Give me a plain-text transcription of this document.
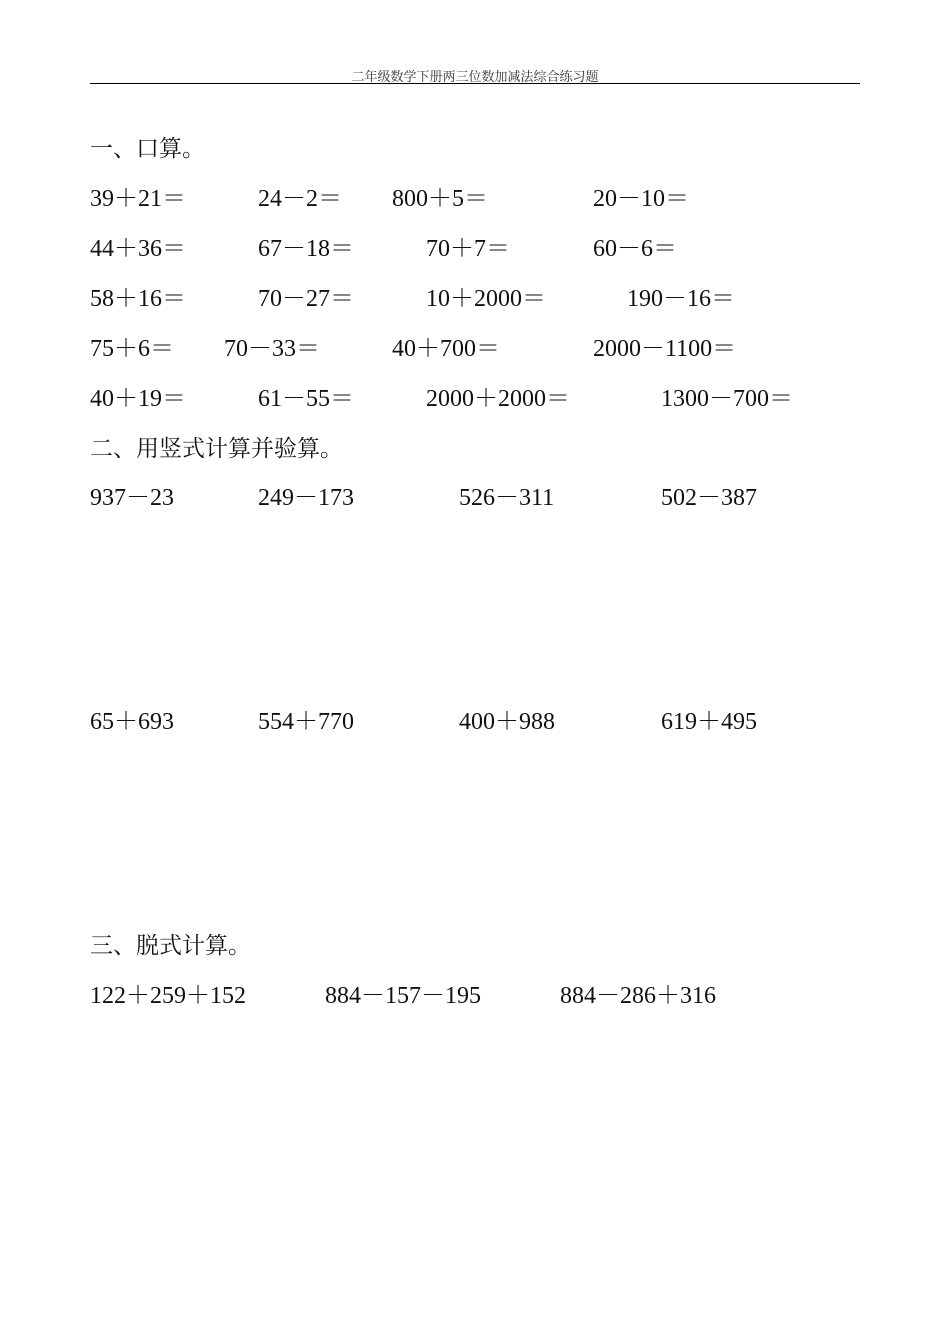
二年级数学下册两三位数加减法综合练习题
一、口算。
39＋21＝	24－2＝ 800＋5＝	20－10＝
44＋36＝	67－18＝	70＋7＝	60－6＝
58＋16＝	70－27＝	10＋2000＝	190－16＝
75＋6＝ 70－33＝	40＋700＝	2000－1100＝
40＋19＝	61－55＝	2000＋2000＝	1300－700＝
二、用竖式计算并验算。
937－23	249－173	526－311	502－387
65＋693	554＋770	400＋988	619＋495
三、脱式计算。
122＋259＋152	884－157－195	884－286＋316
